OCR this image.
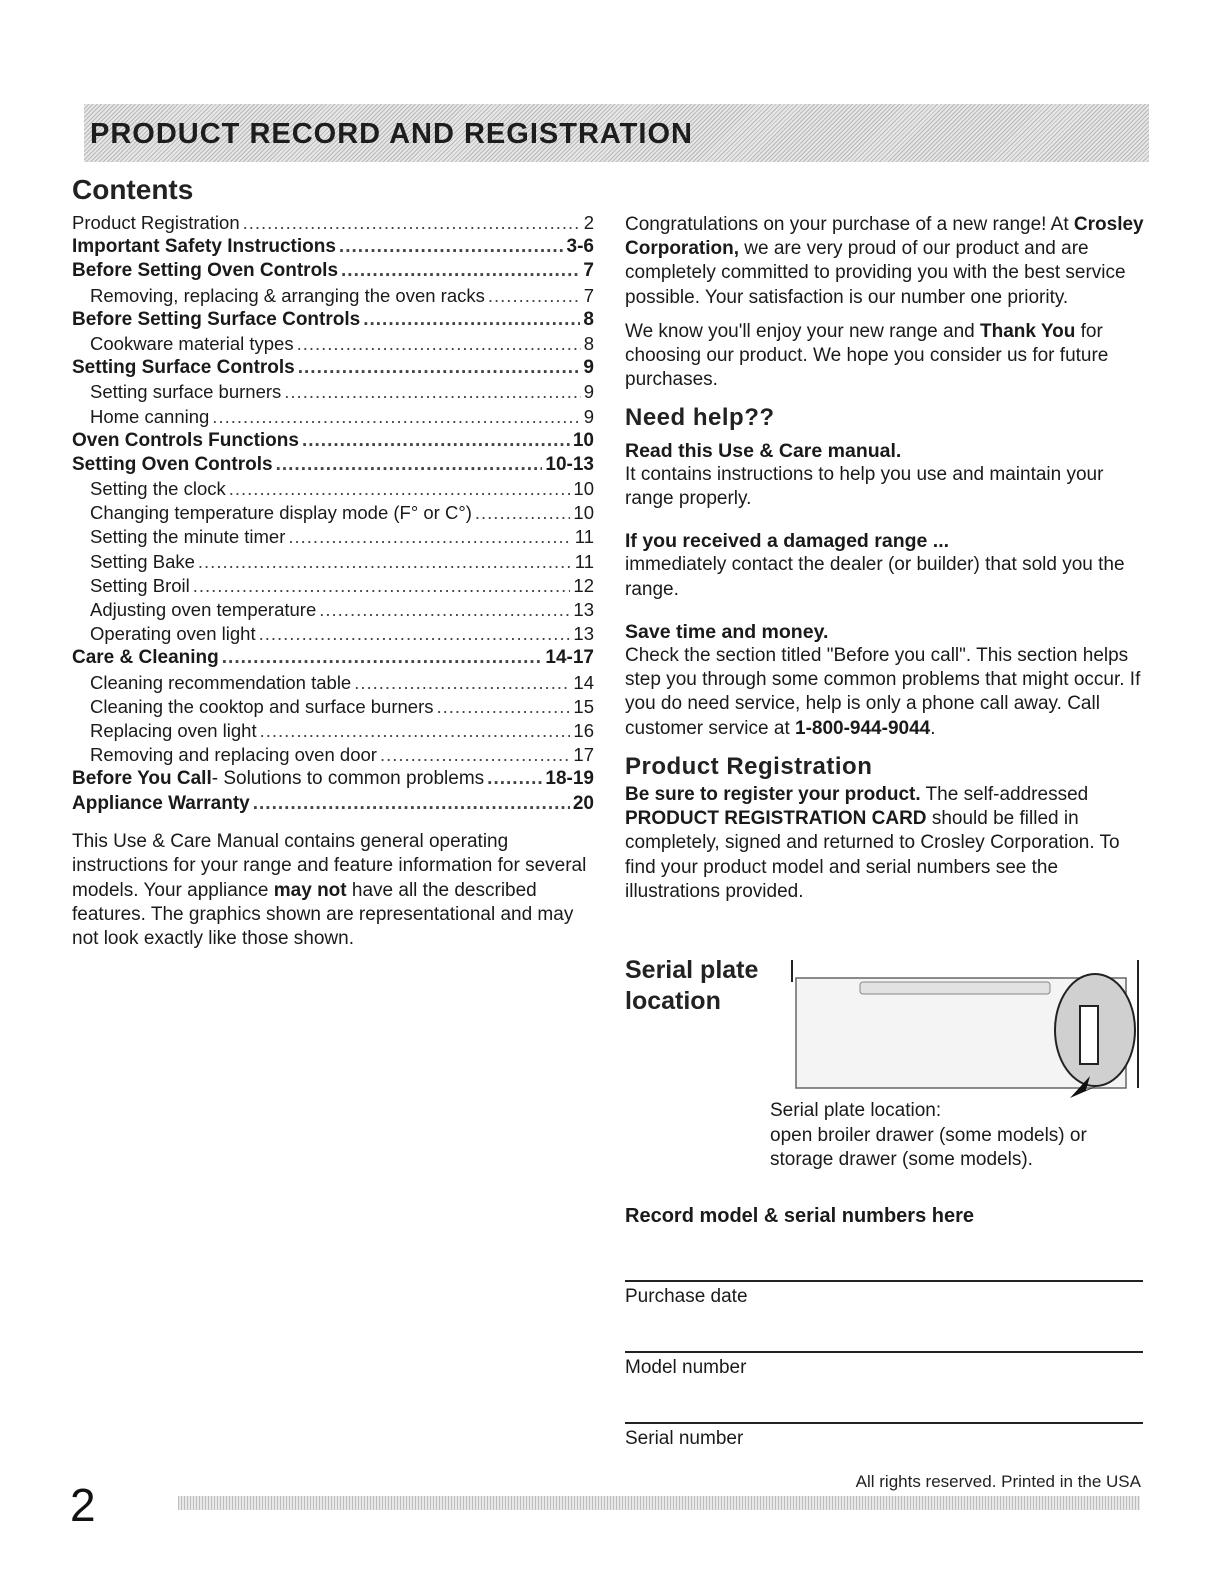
PRODUCT RECORD AND REGISTRATION
Contents
Product Registration .....	2
Important Safety Instructions .....	3-6
Before Setting Oven Controls .....	7
Removing, replacing & arranging the oven racks .....	7
Before Setting Surface Controls .....	8
Cookware material types .....	8
Setting Surface Controls .....	9
Setting surface burners .....	9
Home canning .....	9
Oven Controls Functions .....	10
Setting Oven Controls .....	10-13
Setting the clock .....	10
Changing temperature display mode (F° or C°) .....	10
Setting the minute timer .....	11
Setting Bake .....	11
Setting Broil .....	12
Adjusting oven temperature .....	13
Operating oven light .....	13
Care & Cleaning .....	14-17
Cleaning recommendation table .....	14
Cleaning the cooktop and surface burners .....	15
Replacing oven light .....	16
Removing and replacing oven door .....	17
Before You Call - Solutions to common problems .....	18-19
Appliance Warranty .....	20
This Use & Care Manual contains general operating instructions for your range and feature information for several models. Your appliance may not have all the described features. The graphics shown are representational and may not look exactly like those shown.

Congratulations on your purchase of a new range! At Crosley Corporation, we are very proud of our product and are completely committed to providing you with the best service possible. Your satisfaction is our number one priority.

We know you'll enjoy your new range and Thank You for choosing our product. We hope you consider us for future purchases.

Need help??
Read this Use & Care manual.

It contains instructions to help you use and maintain your range properly.

If you received a damaged range ...

immediately contact the dealer (or builder) that sold you the range.

Save time and money.

Check the section titled "Before you call". This section helps step you through some common problems that might occur. If you do need service, help is only a phone call away. Call customer service at 1-800-944-9044.

Product Registration

Be sure to register your product. The self-addressed PRODUCT REGISTRATION CARD should be filled in completely, signed and returned to Crosley Corporation. To find your product model and serial numbers see the illustrations provided.

Serial plate
location
Serial plate location:
open broiler drawer (some models) or
storage drawer (some models).
Record model & serial numbers here
Purchase date
Model number
Serial number
2	All rights reserved. Printed in the USA
